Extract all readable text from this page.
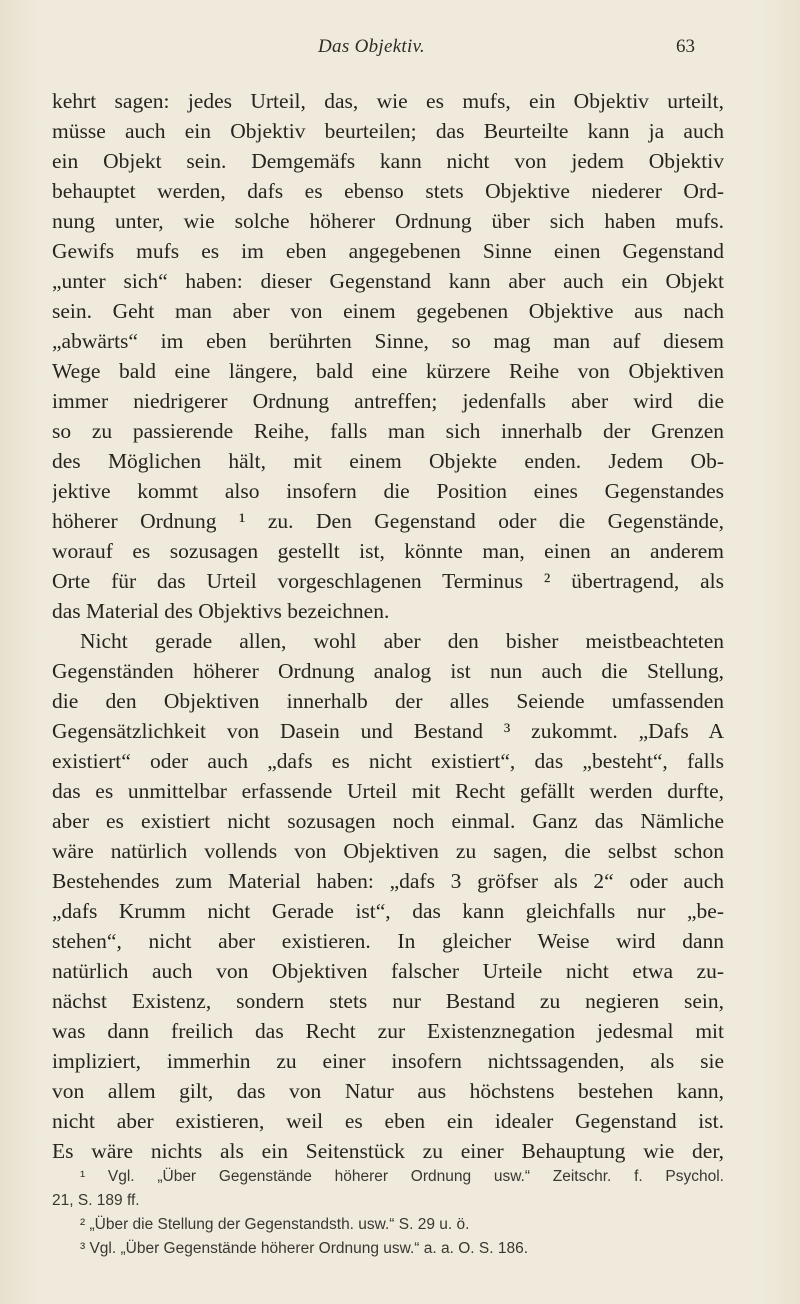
Das Objektiv.	63
kehrt sagen: jedes Urteil, das, wie es mufs, ein Objektiv urteilt,
müsse auch ein Objektiv beurteilen; das Beurteilte kann ja auch
ein Objekt sein. Demgemäfs kann nicht von jedem Objektiv
behauptet werden, dafs es ebenso stets Objektive niederer Ord-
nung unter, wie solche höherer Ordnung über sich haben mufs.
Gewifs mufs es im eben angegebenen Sinne einen Gegenstand
„unter sich“ haben: dieser Gegenstand kann aber auch ein Objekt
sein. Geht man aber von einem gegebenen Objektive aus nach
„abwärts“ im eben berührten Sinne, so mag man auf diesem
Wege bald eine längere, bald eine kürzere Reihe von Objektiven
immer niedrigerer Ordnung antreffen; jedenfalls aber wird die
so zu passierende Reihe, falls man sich innerhalb der Grenzen
des Möglichen hält, mit einem Objekte enden. Jedem Ob-
jektive kommt also insofern die Position eines Gegenstandes
höherer Ordnung ¹ zu. Den Gegenstand oder die Gegenstände,
worauf es sozusagen gestellt ist, könnte man, einen an anderem
Orte für das Urteil vorgeschlagenen Terminus ² übertragend, als
das Material des Objektivs bezeichnen.
Nicht gerade allen, wohl aber den bisher meistbeachteten
Gegenständen höherer Ordnung analog ist nun auch die Stellung,
die den Objektiven innerhalb der alles Seiende umfassenden
Gegensätzlichkeit von Dasein und Bestand ³ zukommt. „Dafs A
existiert“ oder auch „dafs es nicht existiert“, das „besteht“, falls
das es unmittelbar erfassende Urteil mit Recht gefällt werden durfte,
aber es existiert nicht sozusagen noch einmal. Ganz das Nämliche
wäre natürlich vollends von Objektiven zu sagen, die selbst schon
Bestehendes zum Material haben: „dafs 3 gröfser als 2“ oder auch
„dafs Krumm nicht Gerade ist“, das kann gleichfalls nur „be-
stehen“, nicht aber existieren. In gleicher Weise wird dann
natürlich auch von Objektiven falscher Urteile nicht etwa zu-
nächst Existenz, sondern stets nur Bestand zu negieren sein,
was dann freilich das Recht zur Existenznegation jedesmal mit
impliziert, immerhin zu einer insofern nichtssagenden, als sie
von allem gilt, das von Natur aus höchstens bestehen kann,
nicht aber existieren, weil es eben ein idealer Gegenstand ist.
Es wäre nichts als ein Seitenstück zu einer Behauptung wie der,
¹ Vgl. „Über Gegenstände höherer Ordnung usw.“ Zeitschr. f. Psychol.
21, S. 189 ff.
² „Über die Stellung der Gegenstandsth. usw.“ S. 29 u. ö.
³ Vgl. „Über Gegenstände höherer Ordnung usw.“ a. a. O. S. 186.
